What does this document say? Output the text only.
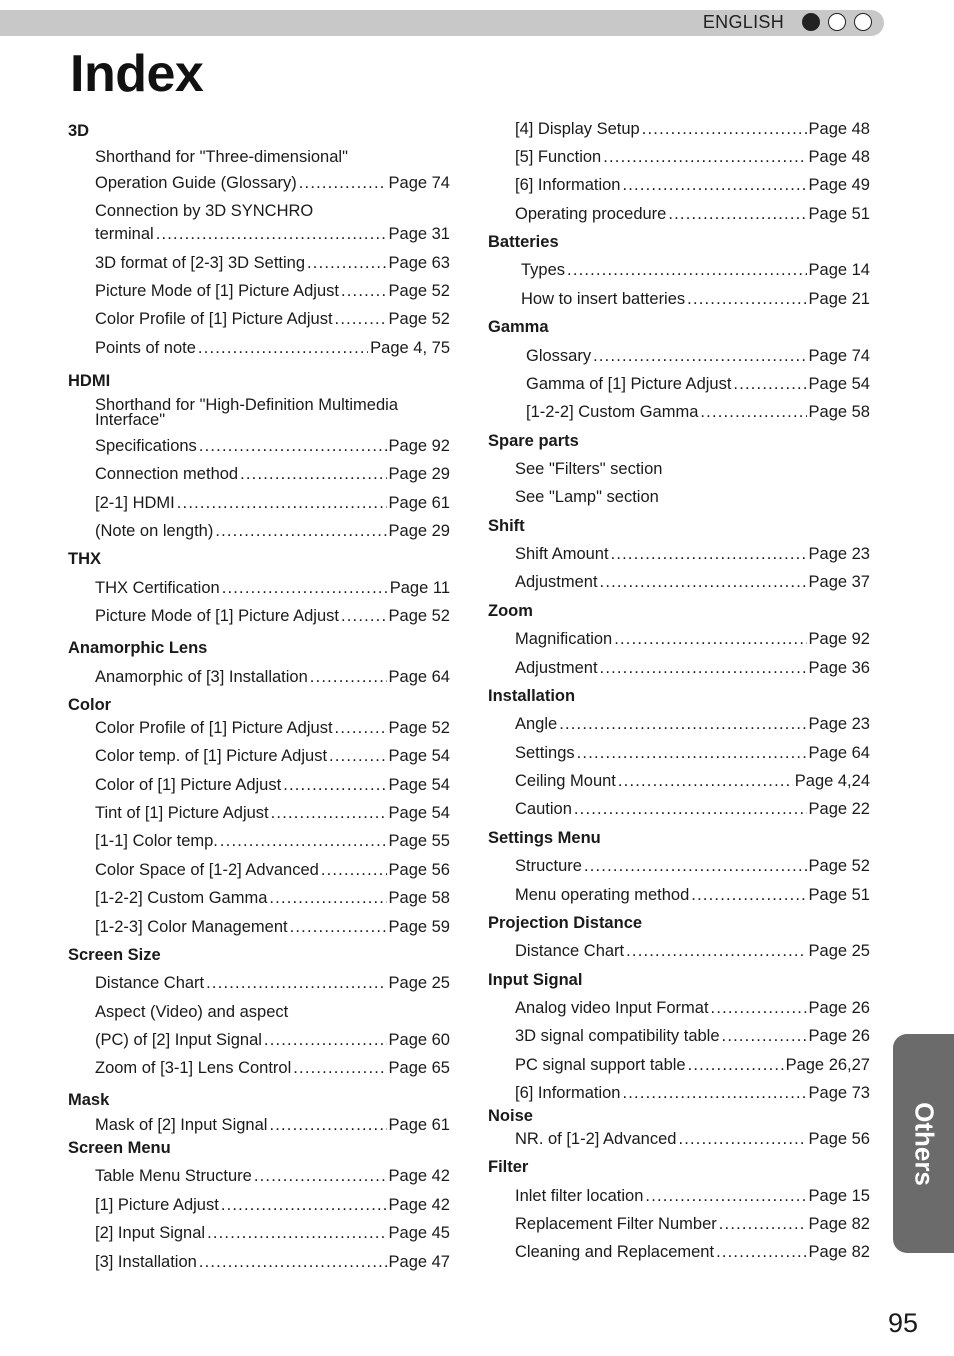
ENGLISH
Index
3D
Shorthand for "Three-dimensional"
Operation Guide (Glossary) .....	Page 74
Connection by 3D SYNCHRO
terminal .....	Page 31
3D format of [2-3] 3D Setting .....	Page 63
Picture Mode of [1] Picture Adjust .....	Page 52
Color Profile of [1] Picture Adjust .....	Page 52
Points of note .....	Page 4, 75
HDMI
Shorthand for "High-Definition Multimedia
Interface"
Specifications .....	Page 92
Connection method .....	Page 29
[2-1] HDMI .....	Page 61
(Note on length) .....	Page 29
THX
THX Certification .....	Page 11
Picture Mode of [1] Picture Adjust .....	Page 52
Anamorphic Lens
Anamorphic of [3] Installation .....	Page 64
Color
Color Profile of [1] Picture Adjust .....	Page 52
Color temp. of [1] Picture Adjust .....	Page 54
Color of [1] Picture Adjust .....	Page 54
Tint of [1] Picture Adjust .....	Page 54
[1-1] Color temp. .....	Page 55
Color Space of [1-2] Advanced .....	Page 56
[1-2-2] Custom Gamma .....	Page 58
[1-2-3] Color Management .....	Page 59
Screen Size
Distance Chart .....	Page 25
Aspect (Video) and aspect
(PC) of [2] Input Signal .....	Page 60
Zoom of [3-1] Lens Control .....	Page 65
Mask
Mask of [2] Input Signal .....	Page 61
Screen Menu
Table Menu Structure .....	Page 42
[1] Picture Adjust .....	Page 42
[2] Input Signal .....	Page 45
[3] Installation .....	Page 47
[4] Display Setup .....	Page 48
[5] Function .....	Page 48
[6] Information .....	Page 49
Operating procedure .....	Page 51
Batteries
Types .....	Page 14
How to insert batteries .....	Page 21
Gamma
Glossary .....	Page 74
Gamma of [1] Picture Adjust .....	Page 54
[1-2-2] Custom Gamma .....	Page 58
Spare parts
See "Filters" section
See "Lamp" section
Shift
Shift Amount .....	Page 23
Adjustment .....	Page 37
Zoom
Magnification .....	Page 92
Adjustment .....	Page 36
Installation
Angle .....	Page 23
Settings .....	Page 64
Ceiling Mount .....	Page 4,24
Caution .....	Page 22
Settings Menu
Structure .....	Page 52
Menu operating method .....	Page 51
Projection Distance
Distance Chart .....	Page 25
Input Signal
Analog video Input Format .....	Page 26
3D signal compatibility table .....	Page 26
PC signal support table .....	Page 26,27
[6] Information .....	Page 73
Noise
NR. of [1-2] Advanced .....	Page 56
Filter
Inlet filter location .....	Page 15
Replacement Filter Number .....	Page 82
Cleaning and Replacement .....	Page 82
Others
95
